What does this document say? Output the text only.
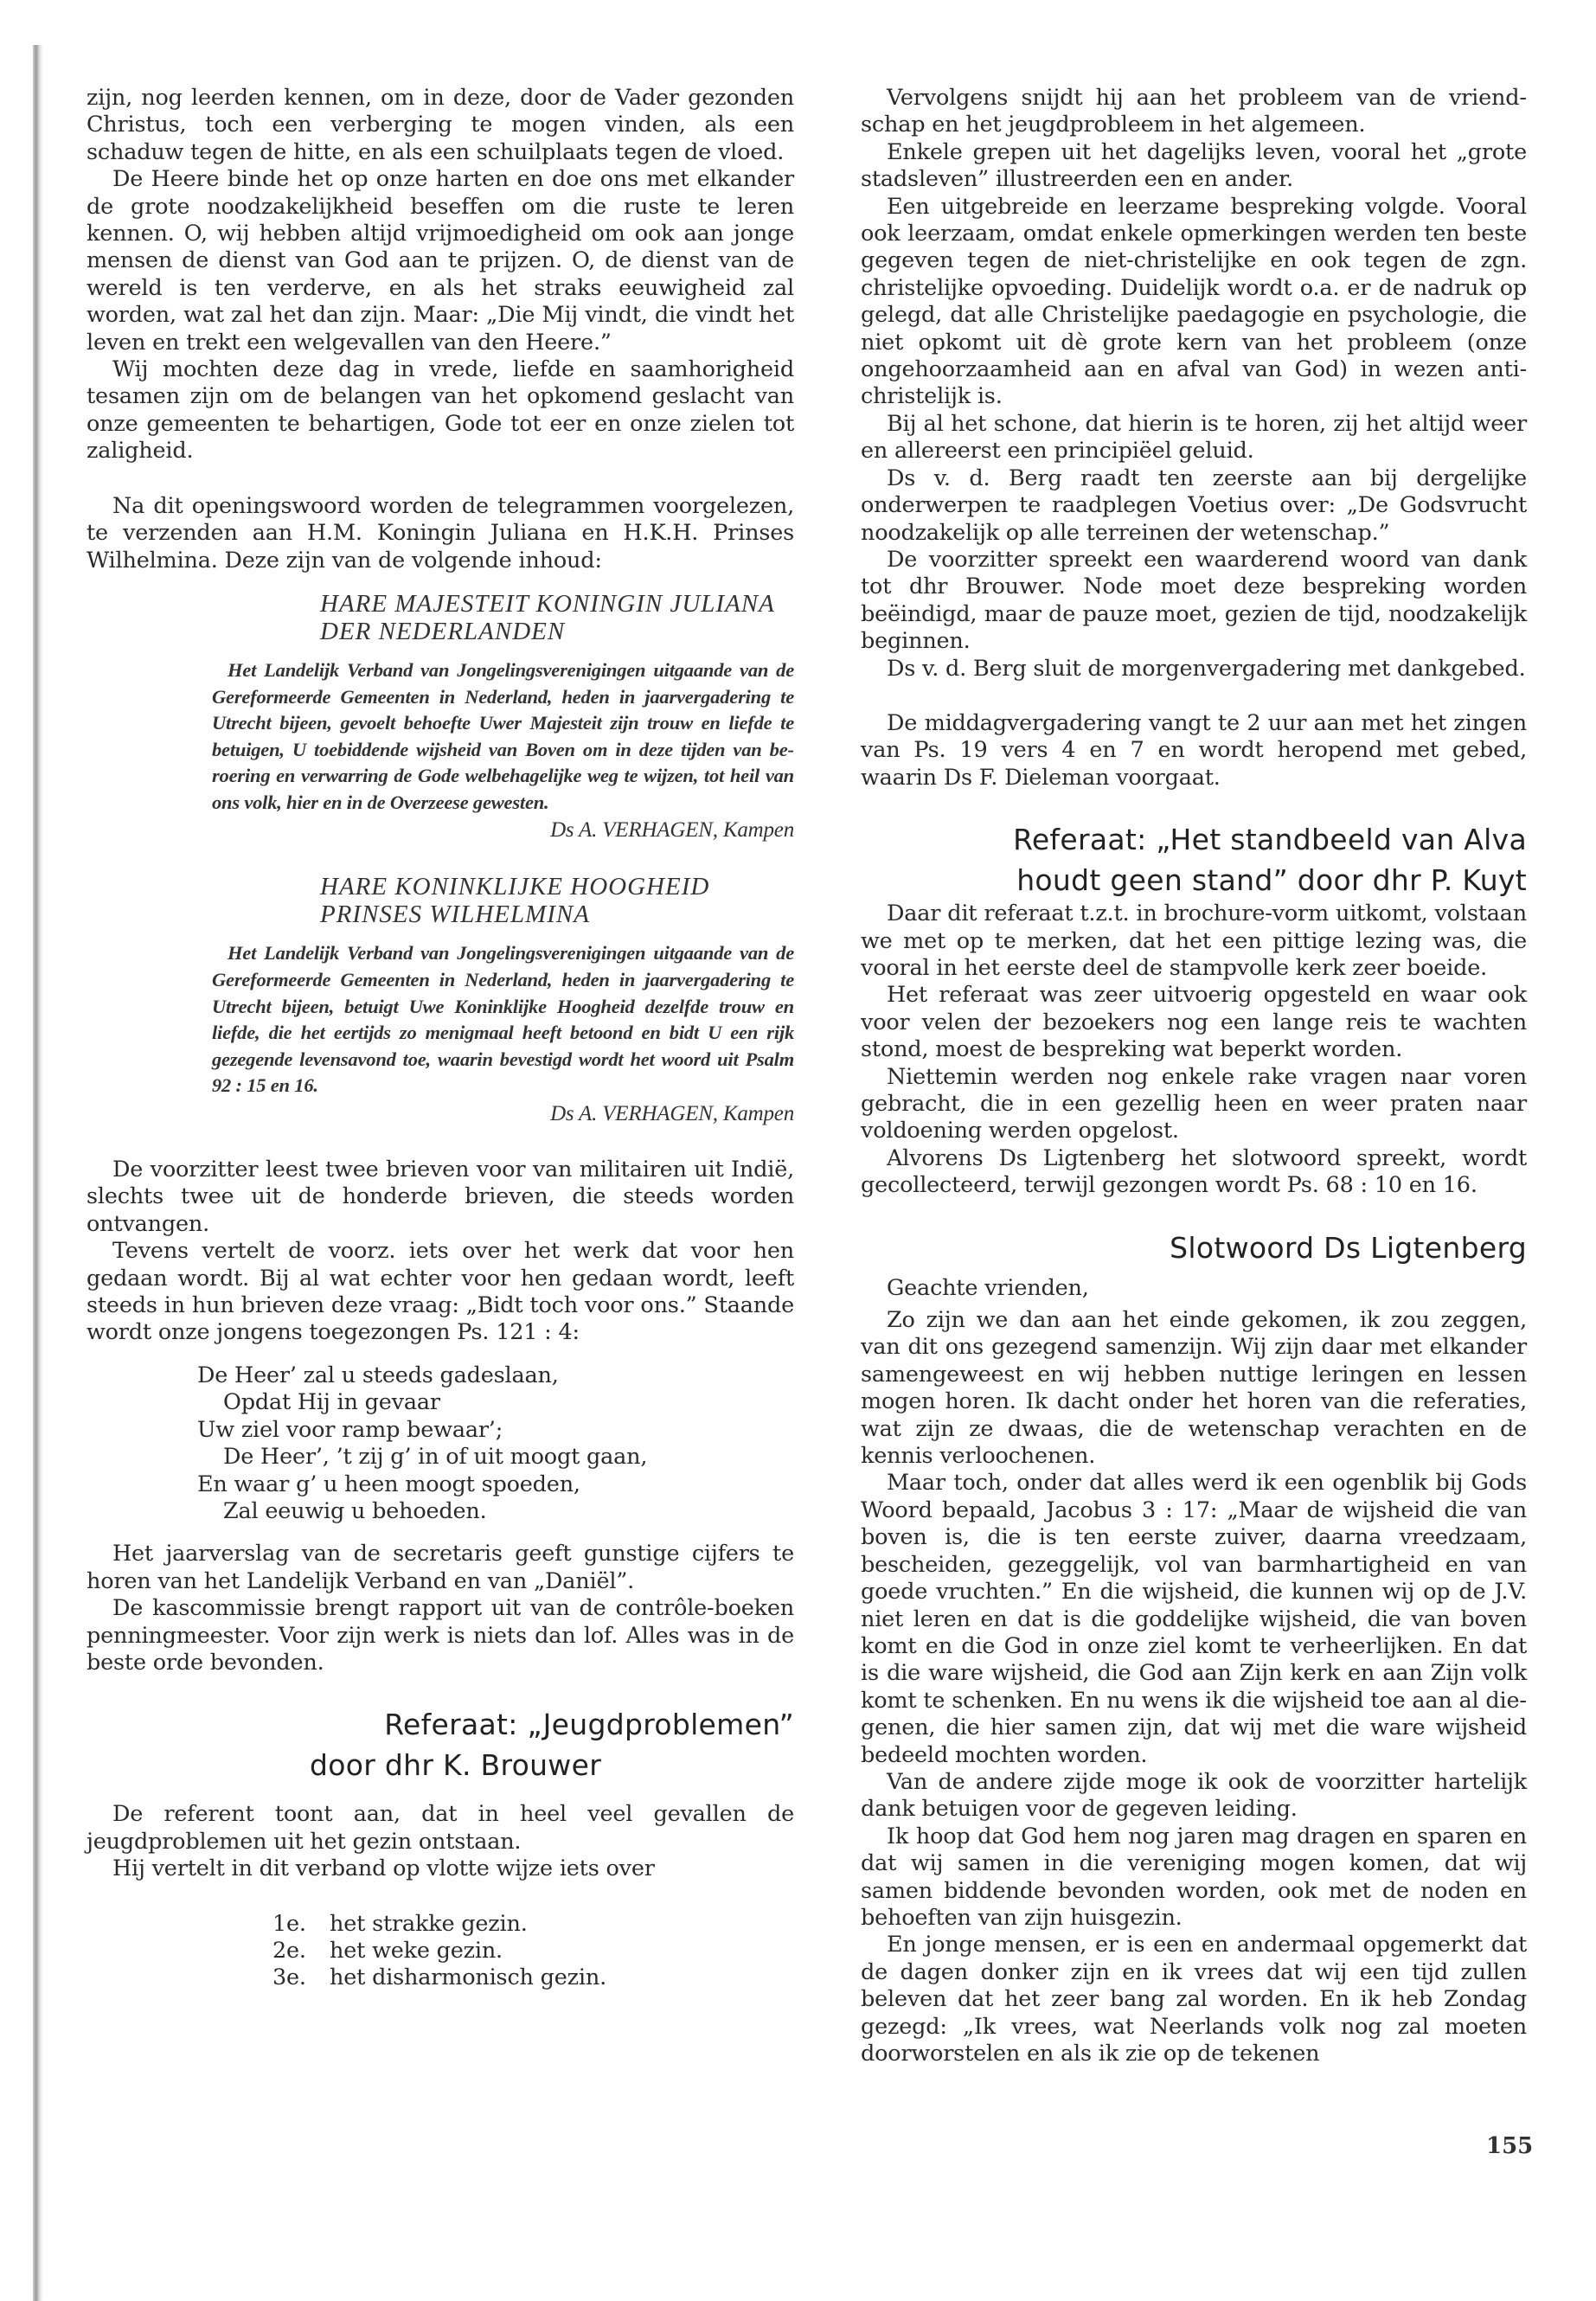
zijn, nog leerden kennen, om in deze, door de Vader gezonden Christus, toch een verberging te mogen vinden, als een schaduw tegen de hitte, en als een schuilplaats tegen de vloed.

De Heere binde het op onze harten en doe ons met elkander de grote noodzakelijkheid beseffen om die ruste te leren kennen. O, wij hebben altijd vrijmoedigheid om ook aan jonge mensen de dienst van God aan te prijzen. O, de dienst van de wereld is ten verderve, en als het straks eeuwigheid zal worden, wat zal het dan zijn. Maar: „Die Mij vindt, die vindt het leven en trekt een welgevallen van den Heere.”

Wij mochten deze dag in vrede, liefde en saamhorigheid tesamen zijn om de belangen van het opkomend geslacht van onze gemeenten te behartigen, Gode tot eer en onze zielen tot zaligheid.

Na dit openingswoord worden de telegrammen voorgelezen, te verzenden aan H.M. Koningin Juliana en H.K.H. Prinses Wilhelmina. Deze zijn van de volgende inhoud:

HARE MAJESTEIT KONINGIN JULIANA
DER NEDERLANDEN
Het Landelijk Verband van Jongelingsverenigingen uitgaande van de Gereformeerde Gemeenten in Nederland, heden in jaarvergadering te Utrecht bijeen, gevoelt behoefte Uwer Majesteit zijn trouw en liefde te betuigen, U toebiddende wijsheid van Boven om in deze tijden van beroering en verwarring de Gode welbehagelijke weg te wijzen, tot heil van ons volk, hier en in de Overzeese gewesten.
Ds A. VERHAGEN, Kampen
HARE KONINKLIJKE HOOGHEID
PRINSES WILHELMINA
Het Landelijk Verband van Jongelingsverenigingen uitgaande van de Gereformeerde Gemeenten in Nederland, heden in jaarvergadering te Utrecht bijeen, betuigt Uwe Koninklijke Hoogheid dezelfde trouw en liefde, die het eertijds zo menigmaal heeft betoond en bidt U een rijk gezegende levensavond toe, waarin bevestigd wordt het woord uit Psalm 92 : 15 en 16.
Ds A. VERHAGEN, Kampen

De voorzitter leest twee brieven voor van militairen uit Indië, slechts twee uit de honderde brieven, die steeds worden ontvangen.

Tevens vertelt de voorz. iets over het werk dat voor hen gedaan wordt. Bij al wat echter voor hen gedaan wordt, leeft steeds in hun brieven deze vraag: „Bidt toch voor ons.” Staande wordt onze jongens toegezongen Ps. 121 : 4:

De Heer’ zal u steeds gadeslaan,
Opdat Hij in gevaar
Uw ziel voor ramp bewaar’;
De Heer’, ’t zij g’ in of uit moogt gaan,
En waar g’ u heen moogt spoeden,
Zal eeuwig u behoeden.

Het jaarverslag van de secretaris geeft gunstige cijfers te horen van het Landelijk Verband en van „Daniël”.

De kascommissie brengt rapport uit van de contrôle-boeken penningmeester. Voor zijn werk is niets dan lof. Alles was in de beste orde bevonden.

Referaat: „Jeugdproblemen”
door dhr K. Brouwer

De referent toont aan, dat in heel veel gevallen de jeugdproblemen uit het gezin ontstaan.

Hij vertelt in dit verband op vlotte wijze iets over

1e.	het strakke gezin.
2e.	het weke gezin.
3e.	het disharmonisch gezin.

Vervolgens snijdt hij aan het probleem van de vriendschap en het jeugdprobleem in het algemeen.

Enkele grepen uit het dagelijks leven, vooral het „grote stadsleven” illustreerden een en ander.

Een uitgebreide en leerzame bespreking volgde. Vooral ook leerzaam, omdat enkele opmerkingen werden ten beste gegeven tegen de niet-christelijke en ook tegen de zgn. christelijke opvoeding. Duidelijk wordt o.a. er de nadruk op gelegd, dat alle Christelijke paedagogie en psychologie, die niet opkomt uit dè grote kern van het probleem (onze ongehoorzaamheid aan en afval van God) in wezen anti-christelijk is.

Bij al het schone, dat hierin is te horen, zij het altijd weer en allereerst een principiëel geluid.

Ds v. d. Berg raadt ten zeerste aan bij dergelijke onderwerpen te raadplegen Voetius over: „De Godsvrucht noodzakelijk op alle terreinen der wetenschap.”

De voorzitter spreekt een waarderend woord van dank tot dhr Brouwer. Node moet deze bespreking worden beëindigd, maar de pauze moet, gezien de tijd, noodzakelijk beginnen.

Ds v. d. Berg sluit de morgenvergadering met dankgebed.

De middagvergadering vangt te 2 uur aan met het zingen van Ps. 19 vers 4 en 7 en wordt heropend met gebed, waarin Ds F. Dieleman voorgaat.

Referaat: „Het standbeeld van Alva
houdt geen stand” door dhr P. Kuyt

Daar dit referaat t.z.t. in brochure-vorm uitkomt, volstaan we met op te merken, dat het een pittige lezing was, die vooral in het eerste deel de stampvolle kerk zeer boeide.

Het referaat was zeer uitvoerig opgesteld en waar ook voor velen der bezoekers nog een lange reis te wachten stond, moest de bespreking wat beperkt worden.

Niettemin werden nog enkele rake vragen naar voren gebracht, die in een gezellig heen en weer praten naar voldoening werden opgelost.

Alvorens Ds Ligtenberg het slotwoord spreekt, wordt gecollecteerd, terwijl gezongen wordt Ps. 68 : 10 en 16.

Slotwoord Ds Ligtenberg

Geachte vrienden,

Zo zijn we dan aan het einde gekomen, ik zou zeggen, van dit ons gezegend samenzijn. Wij zijn daar met elkander samengeweest en wij hebben nuttige leringen en lessen mogen horen. Ik dacht onder het horen van die referaties, wat zijn ze dwaas, die de wetenschap verachten en de kennis verloochenen.

Maar toch, onder dat alles werd ik een ogenblik bij Gods Woord bepaald, Jacobus 3 : 17: „Maar de wijsheid die van boven is, die is ten eerste zuiver, daarna vreedzaam, bescheiden, gezeggelijk, vol van barmhartigheid en van goede vruchten.” En die wijsheid, die kunnen wij op de J.V. niet leren en dat is die goddelijke wijsheid, die van boven komt en die God in onze ziel komt te verheerlijken. En dat is die ware wijsheid, die God aan Zijn kerk en aan Zijn volk komt te schenken. En nu wens ik die wijsheid toe aan al diegenen, die hier samen zijn, dat wij met die ware wijsheid bedeeld mochten worden.

Van de andere zijde moge ik ook de voorzitter hartelijk dank betuigen voor de gegeven leiding.

Ik hoop dat God hem nog jaren mag dragen en sparen en dat wij samen in die vereniging mogen komen, dat wij samen biddende bevonden worden, ook met de noden en behoeften van zijn huisgezin.

En jonge mensen, er is een en andermaal opgemerkt dat de dagen donker zijn en ik vrees dat wij een tijd zullen beleven dat het zeer bang zal worden. En ik heb Zondag gezegd: „Ik vrees, wat Neerlands volk nog zal moeten doorworstelen en als ik zie op de tekenen

155
